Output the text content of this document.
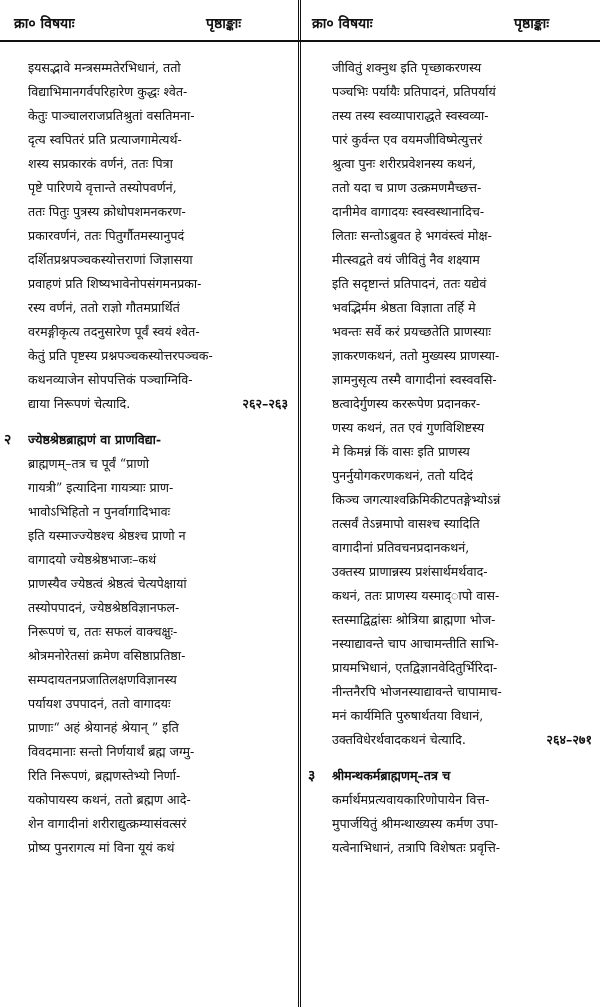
क्रा० विषयाः	पृष्ठाङ्काः	क्रा० विषयाः	पृष्ठाङ्काः
इयसद्भावे मन्त्रसम्मतेरभिधानं, ततो
विद्याभिमानगर्वपरिहारेण कुद्धः श्वेत-
केतुः पाञ्चालराजप्रतिश्रुतां वसतिमना-
दृत्य स्वपितरं प्रति प्रत्याजगामेत्यर्थ-
शस्य सप्रकारकं वर्णनं, ततः पित्रा
पृष्टे पारिणये वृत्तान्ते तस्योपवर्णनं,
ततः पितुः पुत्रस्य क्रोधोपशमनकरण-
प्रकारवर्णनं, ततः पितुर्गौतमस्यानुपदं
दर्शितप्रश्नपञ्चकस्योत्तराणां जिज्ञासया
प्रवाहणं प्रति शिष्यभावेनोपसंगमनप्रका-
रस्य वर्णनं, ततो राज्ञो गौतमप्रार्थितं
वरमङ्गीकृत्य तदनुसारेण पूर्वं स्वयं श्वेत-
केतुं प्रति पृष्टस्य प्रश्नपञ्चकस्योत्तरपञ्चक-
कथनव्याजेन सोपपत्तिकं पञ्चाग्निवि-
द्याया निरूपणं चेत्यादि.	२६२–२६३
२ ज्येष्ठश्रेष्ठब्राह्मणं वा प्राणविद्या-
ब्राह्मणम्–तत्र च पूर्वं “प्राणो
गायत्री” इत्यादिना गायत्र्याः प्राण-
भावोऽभिहितो न पुनर्वागादिभावः
इति यस्माज्ज्येष्ठश्च श्रेष्ठश्च प्राणो न
वागादयो ज्येष्ठश्रेष्ठभाजः–कथं
प्राणस्यैव ज्येष्ठत्वं श्रेष्ठत्वं चेत्यपेक्षायां
तस्योपपादनं, ज्येष्ठश्रेष्ठविज्ञानफल-
निरूपणं च, ततः सफलं वाक्चक्षुः-
श्रोत्रमनोरेतसां क्रमेण वसिष्ठाप्रतिष्ठा-
सम्पदायतनप्रजातिलक्षणविज्ञानस्य
पर्यायश उपपादनं, ततो वागादयः
प्राणाः“ अहं श्रेयानहं श्रेयान् ” इति
विवदमानाः सन्तो निर्णयार्थं ब्रह्म जग्मु-
रिति निरूपणं, ब्रह्मणस्तेभ्यो निर्णा-
यकोपायस्य कथनं, ततो ब्रह्मण आदे-
शेन वागादीनां शरीराद्युत्क्रम्यासंवत्सरं
प्रोष्य पुनरागत्य मां विना यूयं कथं
जीवितुं शक्नुथ इति पृच्छाकरणस्य
पञ्चभिः पर्यायैः प्रतिपादनं, प्रतिपर्यायं
तस्य तस्य स्वव्यापाराद्धते स्वस्वव्या-
पारं कुर्वन्त एव वयमजीविष्मेत्युत्तरं
श्रुत्वा पुनः शरीरप्रवेशनस्य कथनं,
ततो यदा च प्राण उत्क्रमणमैच्छत्त-
दानीमेव वागादयः स्वस्वस्थानादिच-
लिताः सन्तोऽब्रुवत हे भगवंस्त्वं मोक्ष-
मीत्स्वद्वते वयं जीवितुं नैव शक्ष्याम
इति सदृष्टान्तं प्रतिपादनं, ततः यद्येवं
भवद्भिर्मम श्रेष्ठता विज्ञाता तर्हि मे
भवन्तः सर्वे करं प्रयच्छतेति प्राणस्याः
ज्ञाकरणकथनं, ततो मुख्यस्य प्राणस्या-
ज्ञामनुसृत्य तस्मै वागादीनां स्वस्ववसि-
ष्ठत्वादेर्गुणस्य कररूपेण प्रदानकर-
णस्य कथनं, तत एवं गुणविशिष्टस्य
मे किमन्नं किं वासः इति प्राणस्य
पुनर्नुयोगकरणकथनं, ततो यदिदं
किञ्च जगत्याश्वक्रिमिकीटपतङ्गेभ्योऽन्नं
तत्सर्वं तेऽन्नमापो वासश्च स्यादिति
वागादीनां प्रतिवचनप्रदानकथनं,
उक्तस्य प्राणान्नस्य प्रशंसार्थमर्थवाद-
कथनं, ततः प्राणस्य यस्माद्‌ापो वास-
स्तस्माद्विद्वांसः श्रोत्रिया ब्राह्मणा भोज-
नस्याद्यावन्ते चाप आचामन्तीति साभि-
प्रायमभिधानं, एतद्विज्ञानवेदितुर्भिरिदा-
नीन्तनैरपि भोजनस्याद्यावन्ते चापामाच-
मनं कार्यमिति पुरुषार्थतया विधानं,
उक्तविधेरर्थवादकथनं चेत्यादि.	२६४–२७१
३ श्रीमन्थकर्मब्राह्मणम्–तत्र च
कर्मार्थमप्रत्यवायकारिणोपायेन वित्त-
मुपार्जयितुं श्रीमन्थाख्यस्य कर्मण उपा-
यत्वेनाभिधानं, तत्रापि विशेषतः प्रवृत्ति-
